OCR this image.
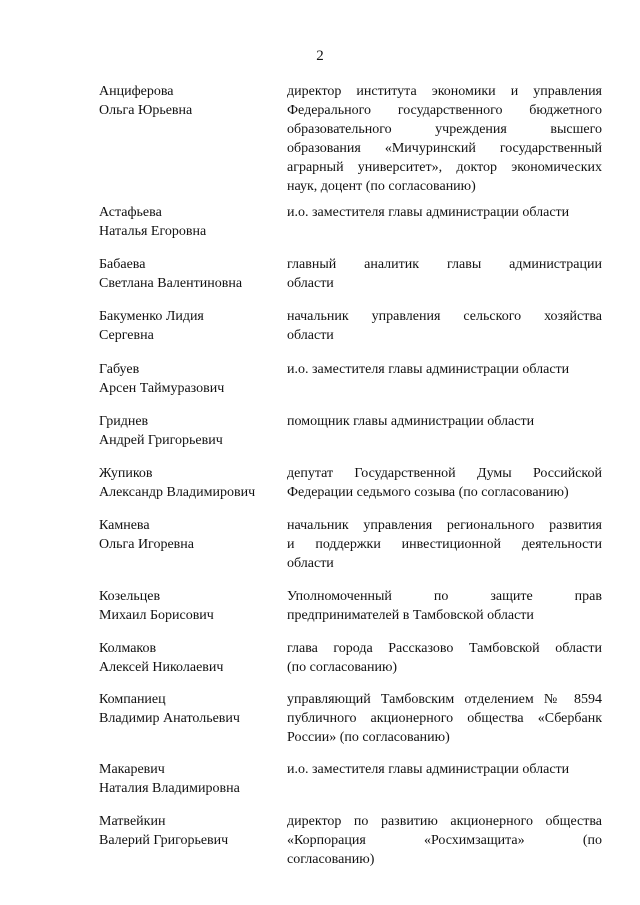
2
Анциферова
Ольга Юрьевна
директор института экономики и управления
Федерального государственного бюджетного
образовательного учреждения высшего
образования «Мичуринский государственный
аграрный университет», доктор экономических
наук, доцент (по согласованию)
Астафьева
Наталья Егоровна
и.о. заместителя главы администрации области
Бабаева
Светлана Валентиновна
главный аналитик главы администрации
области
Бакуменко Лидия
Сергевна
начальник управления сельского хозяйства
области
Габуев
Арсен Таймуразович
и.о. заместителя главы администрации области
Гриднев
Андрей Григорьевич
помощник главы администрации области
Жупиков
Александр Владимирович
депутат Государственной Думы Российской
Федерации седьмого созыва (по согласованию)
Камнева
Ольга Игоревна
начальник управления регионального развития
и поддержки инвестиционной деятельности
области
Козельцев
Михаил Борисович
Уполномоченный по защите прав
предпринимателей в Тамбовской области
Колмаков
Алексей Николаевич
глава города Рассказово Тамбовской области
(по согласованию)
Компаниец
Владимир Анатольевич
управляющий Тамбовским отделением № 8594
публичного акционерного общества «Сбербанк
России» (по согласованию)
Макаревич
Наталия Владимировна
и.о. заместителя главы администрации области
Матвейкин
Валерий Григорьевич
директор по развитию акционерного общества
«Корпорация «Росхимзащита» (по
согласованию)
